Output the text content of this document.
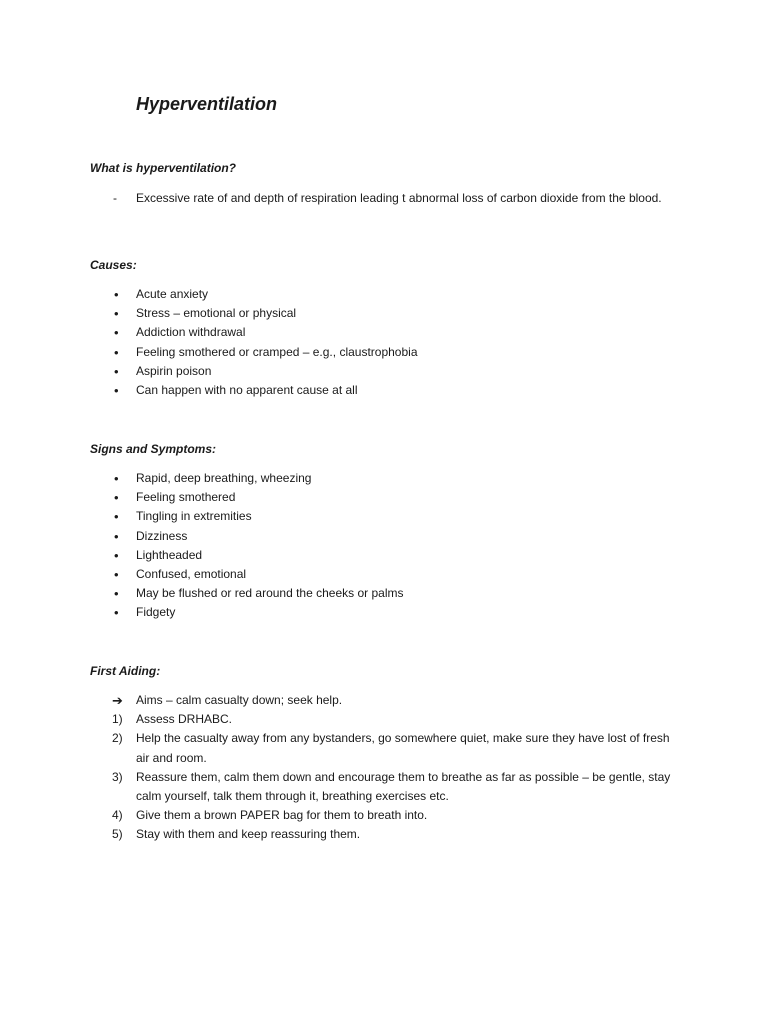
Hyperventilation
What is hyperventilation?
-	Excessive rate of and depth of respiration leading t abnormal loss of carbon dioxide from the blood.
Causes:
•	Acute anxiety
•	Stress – emotional or physical
•	Addiction withdrawal
•	Feeling smothered or cramped – e.g., claustrophobia
•	Aspirin poison
•	Can happen with no apparent cause at all
Signs and Symptoms:
•	Rapid, deep breathing, wheezing
•	Feeling smothered
•	Tingling in extremities
•	Dizziness
•	Lightheaded
•	Confused, emotional
•	May be flushed or red around the cheeks or palms
•	Fidgety
First Aiding:
➔	Aims – calm casualty down; seek help.
1)	Assess DRHABC.
2)	Help the casualty away from any bystanders, go somewhere quiet, make sure they have lost of fresh air and room.
3)	Reassure them, calm them down and encourage them to breathe as far as possible – be gentle, stay calm yourself, talk them through it, breathing exercises etc.
4)	Give them a brown PAPER bag for them to breath into.
5)	Stay with them and keep reassuring them.
